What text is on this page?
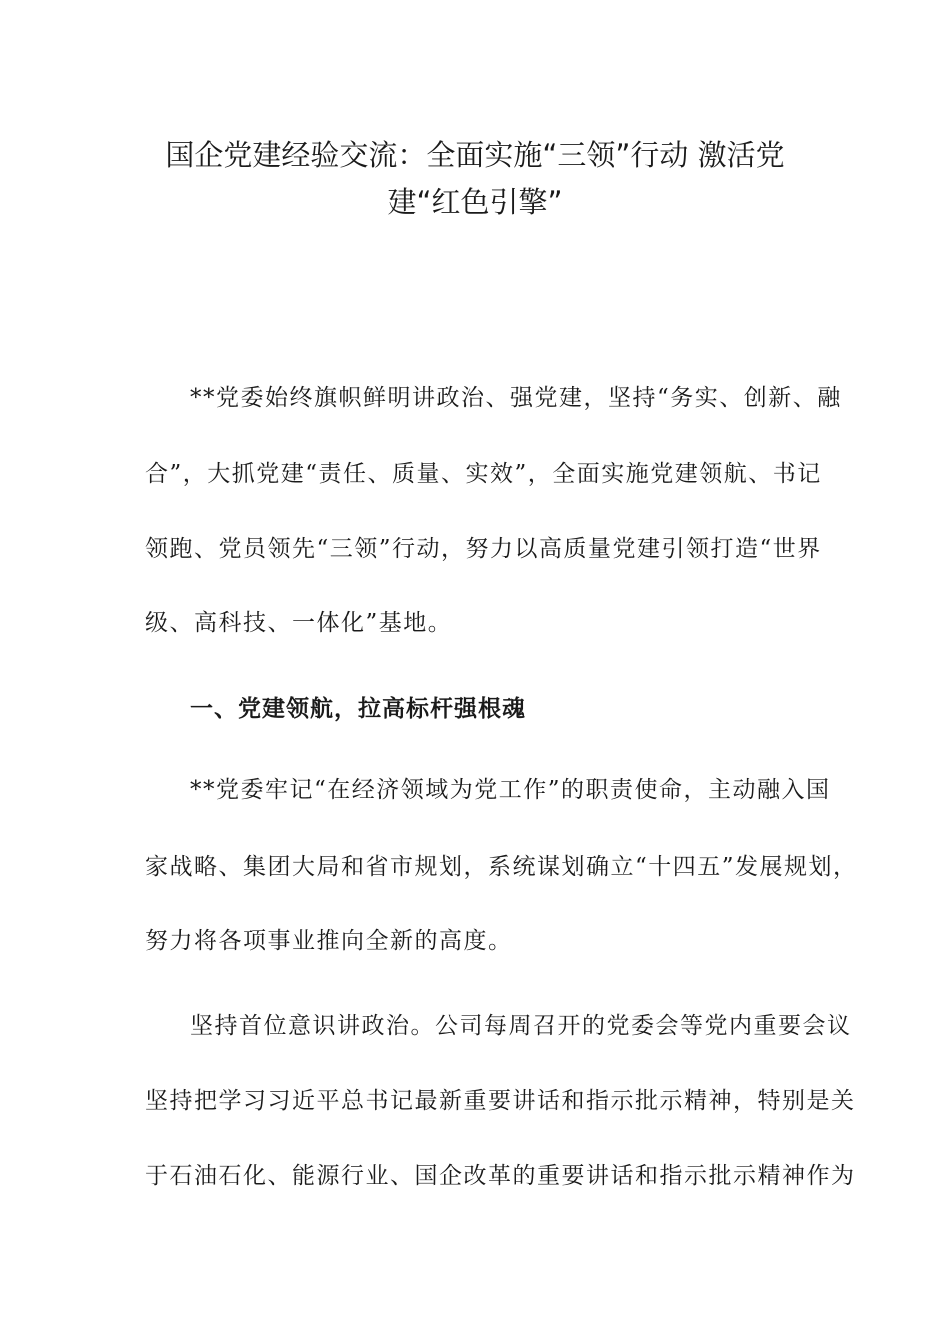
国企党建经验交流：全面实施“三领”行动 激活党
建“红色引擎”

**党委始终旗帜鲜明讲政治、强党建，坚持“务实、创新、融

合”，大抓党建“责任、质量、实效”，全面实施党建领航、书记

领跑、党员领先“三领”行动，努力以高质量党建引领打造“世界

级、高科技、一体化”基地。

一、党建领航，拉高标杆强根魂

**党委牢记“在经济领域为党工作”的职责使命，主动融入国

家战略、集团大局和省市规划，系统谋划确立“十四五”发展规划，

努力将各项事业推向全新的高度。

坚持首位意识讲政治。公司每周召开的党委会等党内重要会议

坚持把学习习近平总书记最新重要讲话和指示批示精神，特别是关

于石油石化、能源行业、国企改革的重要讲话和指示批示精神作为
